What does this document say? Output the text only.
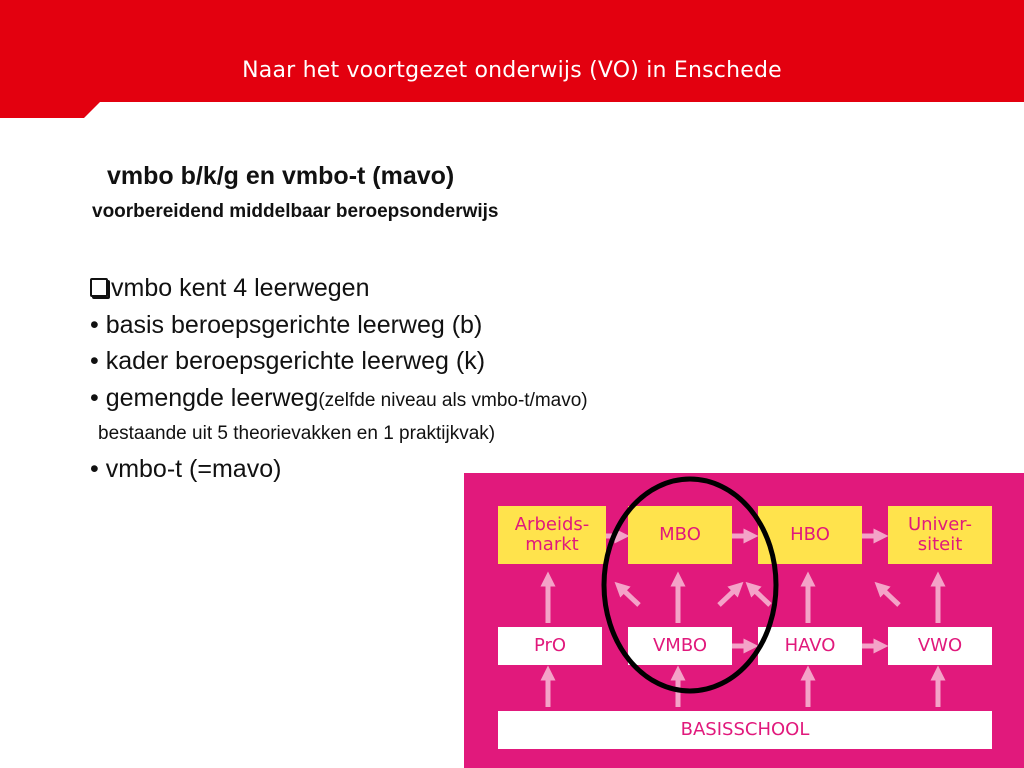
Naar het voortgezet onderwijs (VO) in Enschede
vmbo b/k/g en vmbo-t (mavo)
voorbereidend middelbaar beroepsonderwijs
vmbo kent 4 leerwegen
• basis beroepsgerichte leerweg (b)
• kader beroepsgerichte leerweg (k)
• gemengde leerweg(zelfde niveau als vmbo-t/mavo)
bestaande uit 5 theorievakken en 1 praktijkvak)
• vmbo-t (=mavo)
Arbeids-
markt	MBO	HBO	Univer-
siteit
PrO	VMBO	HAVO	VWO
BASISSCHOOL
